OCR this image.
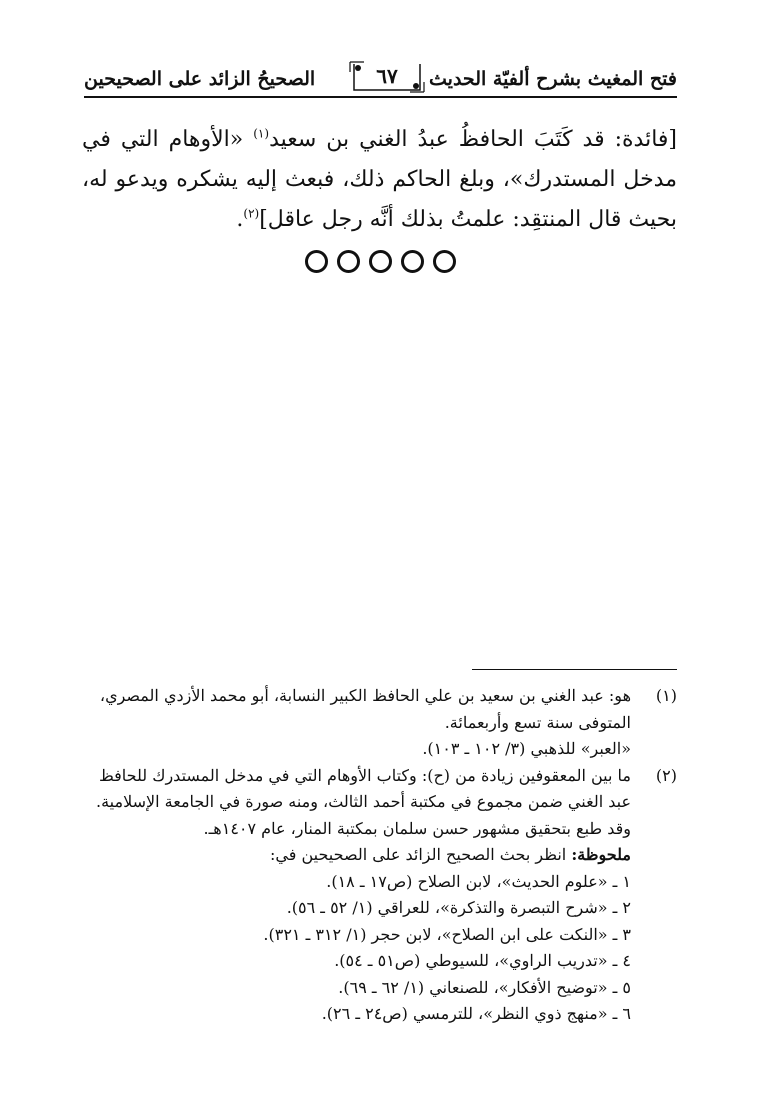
فتح المغيث بشرح ألفيّة الحديث
٦٧
الصحيحُ الزائد على الصحيحين
[فائدة: قد كَتَبَ الحافظُ عبدُ الغني بن سعيد$^{(١)}$ «الأوهام التي في مدخل المستدرك»، وبلغ الحاكم ذلك، فبعث إليه يشكره ويدعو له، بحيث قال المنتقِد: علمتُ بذلك أنَّه رجل عاقل]$^{(٢)}$.

(١)
هو: عبد الغني بن سعيد بن علي الحافظ الكبير النسابة، أبو محمد الأزدي المصري،
المتوفى سنة تسع وأربعمائة.
«العبر» للذهبي (٣/ ١٠٢ ـ ١٠٣).
(٢)
ما بين المعقوفين زيادة من (ح): وكتاب الأوهام التي في مدخل المستدرك للحافظ
عبد الغني ضمن مجموع في مكتبة أحمد الثالث، ومنه صورة في الجامعة الإسلامية.
وقد طبع بتحقيق مشهور حسن سلمان بمكتبة المنار، عام ١٤٠٧هـ.
ملحوظة: انظر بحث الصحيح الزائد على الصحيحين في:
١ ـ «علوم الحديث»، لابن الصلاح (ص١٧ ـ ١٨).
٢ ـ «شرح التبصرة والتذكرة»، للعراقي (١/ ٥٢ ـ ٥٦).
٣ ـ «النكت على ابن الصلاح»، لابن حجر (١/ ٣١٢ ـ ٣٢١).
٤ ـ «تدريب الراوي»، للسيوطي (ص٥١ ـ ٥٤).
٥ ـ «توضيح الأفكار»، للصنعاني (١/ ٦٢ ـ ٦٩).
٦ ـ «منهج ذوي النظر»، للترمسي (ص٢٤ ـ ٢٦).
